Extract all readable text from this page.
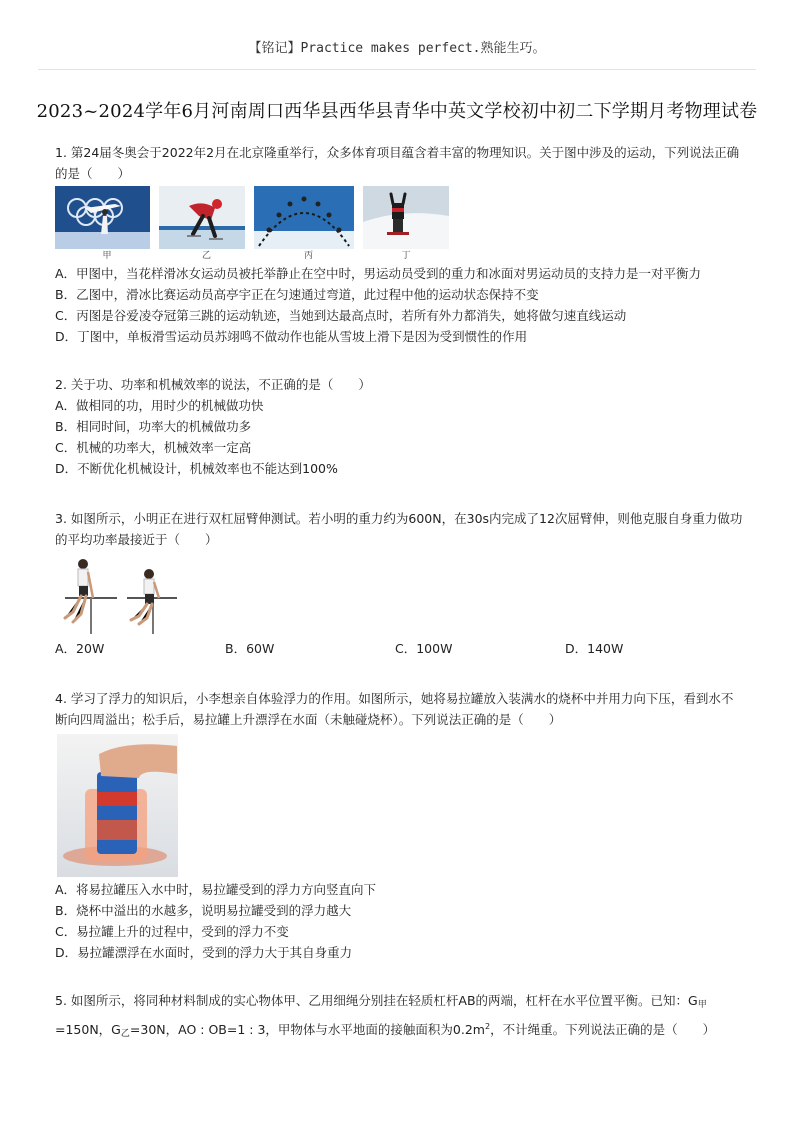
【铭记】Practice makes perfect.熟能生巧。
2023~2024学年6月河南周口西华县西华县青华中英文学校初中初二下学期月考物理试卷

1. 第24届冬奥会于2022年2月在北京隆重举行，众多体育项目蕴含着丰富的物理知识。关于图中涉及的运动，下列说法正确的是（　　）

甲	乙	丙	丁

A．甲图中，当花样滑冰女运动员被托举静止在空中时，男运动员受到的重力和冰面对男运动员的支持力是一对平衡力

B．乙图中，滑冰比赛运动员高亭宇正在匀速通过弯道，此过程中他的运动状态保持不变

C．丙图是谷爱凌夺冠第三跳的运动轨迹，当她到达最高点时，若所有外力都消失，她将做匀速直线运动

D．丁图中，单板滑雪运动员苏翊鸣不做动作也能从雪坡上滑下是因为受到惯性的作用

2. 关于功、功率和机械效率的说法，不正确的是（　　）

A．做相同的功，用时少的机械做功快

B．相同时间，功率大的机械做功多

C．机械的功率大，机械效率一定高

D．不断优化机械设计，机械效率也不能达到100%

3. 如图所示，小明正在进行双杠屈臂伸测试。若小明的重力约为600N，在30s内完成了12次屈臂伸，则他克服自身重力做功的平均功率最接近于（　　）

A．20W	B．60W	C．100W	D．140W

4. 学习了浮力的知识后，小李想亲自体验浮力的作用。如图所示，她将易拉罐放入装满水的烧杯中并用力向下压，看到水不断向四周溢出；松手后，易拉罐上升漂浮在水面（未触碰烧杯）。下列说法正确的是（　　）

A．将易拉罐压入水中时，易拉罐受到的浮力方向竖直向下

B．烧杯中溢出的水越多，说明易拉罐受到的浮力越大

C．易拉罐上升的过程中，受到的浮力不变

D．易拉罐漂浮在水面时，受到的浮力大于其自身重力

5. 如图所示，将同种材料制成的实心物体甲、乙用细绳分别挂在轻质杠杆AB的两端，杠杆在水平位置平衡。已知：$G_甲=150N$，$G_乙=30N$，AO : OB=1 : 3，甲物体与水平地面的接触面积为$0.2m^2$，不计绳重。下列说法正确的是（　　）
